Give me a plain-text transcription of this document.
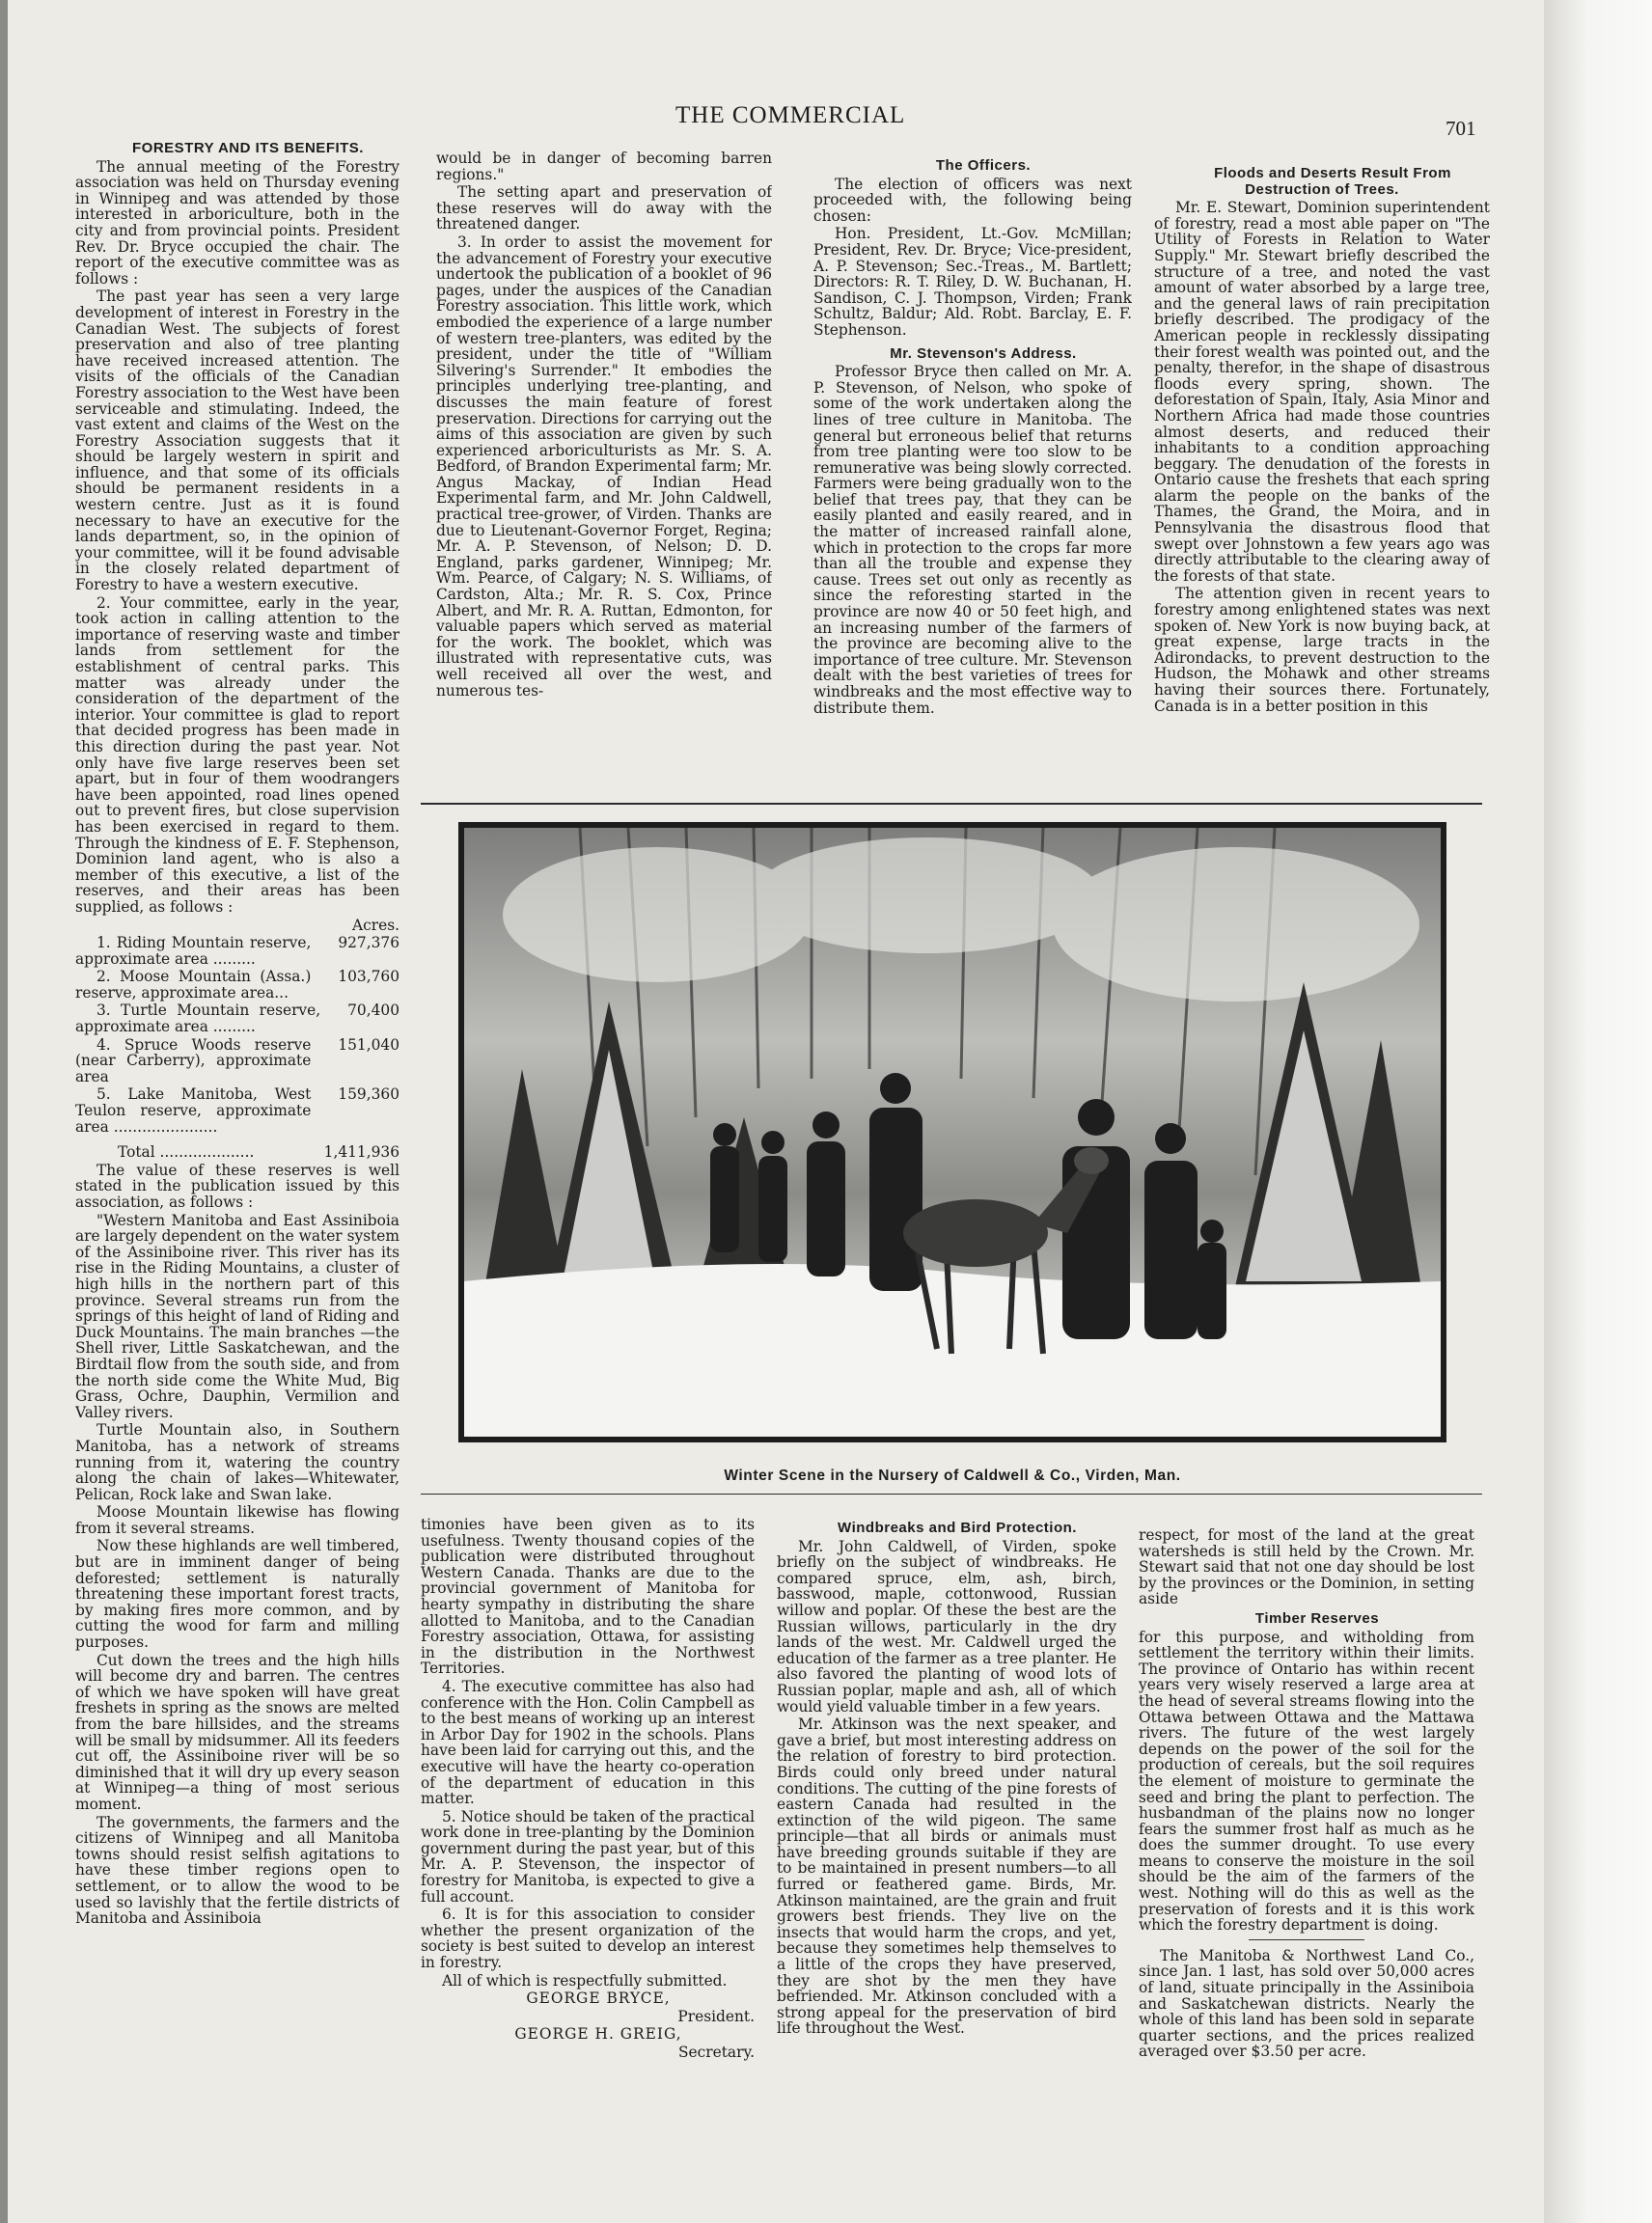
THE COMMERCIAL	701

FORESTRY AND ITS BENEFITS.

The annual meeting of the Forestry association was held on Thursday evening in Winnipeg and was attended by those interested in arboriculture, both in the city and from provincial points. President Rev. Dr. Bryce occupied the chair. The report of the executive committee was as follows :

The past year has seen a very large development of interest in Forestry in the Canadian West. The subjects of forest preservation and also of tree planting have received increased attention. The visits of the officials of the Canadian Forestry association to the West have been serviceable and stimulating. Indeed, the vast extent and claims of the West on the Forestry Association suggests that it should be largely western in spirit and influence, and that some of its officials should be permanent residents in a western centre. Just as it is found necessary to have an executive for the lands department, so, in the opinion of your committee, will it be found advisable in the closely related department of Forestry to have a western executive.

2. Your committee, early in the year, took action in calling attention to the importance of reserving waste and timber lands from settlement for the establishment of central parks. This matter was already under the consideration of the department of the interior. Your committee is glad to report that decided progress has been made in this direction during the past year. Not only have five large reserves been set apart, but in four of them woodrangers have been appointed, road lines opened out to prevent fires, but close supervision has been exercised in regard to them. Through the kindness of E. F. Stephenson, Dominion land agent, who is also a member of this executive, a list of the reserves, and their areas has been supplied, as follows :

Acres.

1. Riding Mountain reserve, approximate area .........
927,376

2. Moose Mountain (Assa.) reserve, approximate area...
103,760

3. Turtle Mountain reserve, approximate area .........
70,400

4. Spruce Woods reserve (near Carberry), approximate area
151,040

5. Lake Manitoba, West Teulon reserve, approximate area ......................
159,360

Total ....................	1,411,936

The value of these reserves is well stated in the publication issued by this association, as follows :

"Western Manitoba and East Assiniboia are largely dependent on the water system of the Assiniboine river. This river has its rise in the Riding Mountains, a cluster of high hills in the northern part of this province. Several streams run from the springs of this height of land of Riding and Duck Mountains. The main branches —the Shell river, Little Saskatchewan, and the Birdtail flow from the south side, and from the north side come the White Mud, Big Grass, Ochre, Dauphin, Vermilion and Valley rivers.

Turtle Mountain also, in Southern Manitoba, has a network of streams running from it, watering the country along the chain of lakes—Whitewater, Pelican, Rock lake and Swan lake.

Moose Mountain likewise has flowing from it several streams.

Now these highlands are well timbered, but are in imminent danger of being deforested; settlement is naturally threatening these important forest tracts, by making fires more common, and by cutting the wood for farm and milling purposes.

Cut down the trees and the high hills will become dry and barren. The centres of which we have spoken will have great freshets in spring as the snows are melted from the bare hillsides, and the streams will be small by midsummer. All its feeders cut off, the Assiniboine river will be so diminished that it will dry up every season at Winnipeg—a thing of most serious moment.

The governments, the farmers and the citizens of Winnipeg and all Manitoba towns should resist selfish agitations to have these timber regions open to settlement, or to allow the wood to be used so lavishly that the fertile districts of Manitoba and Assiniboia

would be in danger of becoming barren regions."

The setting apart and preservation of these reserves will do away with the threatened danger.

3. In order to assist the movement for the advancement of Forestry your executive undertook the publication of a booklet of 96 pages, under the auspices of the Canadian Forestry association. This little work, which embodied the experience of a large number of western tree-planters, was edited by the president, under the title of "William Silvering's Surrender." It embodies the principles underlying tree-planting, and discusses the main feature of forest preservation. Directions for carrying out the aims of this association are given by such experienced arboriculturists as Mr. S. A. Bedford, of Brandon Experimental farm; Mr. Angus Mackay, of Indian Head Experimental farm, and Mr. John Caldwell, practical tree-grower, of Virden. Thanks are due to Lieutenant-Governor Forget, Regina; Mr. A. P. Stevenson, of Nelson; D. D. England, parks gardener, Winnipeg; Mr. Wm. Pearce, of Calgary; N. S. Williams, of Cardston, Alta.; Mr. R. S. Cox, Prince Albert, and Mr. R. A. Ruttan, Edmonton, for valuable papers which served as material for the work. The booklet, which was illustrated with representative cuts, was well received all over the west, and numerous tes-

The Officers.

The election of officers was next proceeded with, the following being chosen:

Hon. President, Lt.-Gov. McMillan; President, Rev. Dr. Bryce; Vice-president, A. P. Stevenson; Sec.-Treas., M. Bartlett; Directors: R. T. Riley, D. W. Buchanan, H. Sandison, C. J. Thompson, Virden; Frank Schultz, Baldur; Ald. Robt. Barclay, E. F. Stephenson.

Mr. Stevenson's Address.

Professor Bryce then called on Mr. A. P. Stevenson, of Nelson, who spoke of some of the work undertaken along the lines of tree culture in Manitoba. The general but erroneous belief that returns from tree planting were too slow to be remunerative was being slowly corrected. Farmers were being gradually won to the belief that trees pay, that they can be easily planted and easily reared, and in the matter of increased rainfall alone, which in protection to the crops far more than all the trouble and expense they cause. Trees set out only as recently as since the reforesting started in the province are now 40 or 50 feet high, and an increasing number of the farmers of the province are becoming alive to the importance of tree culture. Mr. Stevenson dealt with the best varieties of trees for windbreaks and the most effective way to distribute them.

Floods and Deserts Result From Destruction of Trees.

Mr. E. Stewart, Dominion superintendent of forestry, read a most able paper on "The Utility of Forests in Relation to Water Supply." Mr. Stewart briefly described the structure of a tree, and noted the vast amount of water absorbed by a large tree, and the general laws of rain precipitation briefly described. The prodigacy of the American people in recklessly dissipating their forest wealth was pointed out, and the penalty, therefor, in the shape of disastrous floods every spring, shown. The deforestation of Spain, Italy, Asia Minor and Northern Africa had made those countries almost deserts, and reduced their inhabitants to a condition approaching beggary. The denudation of the forests in Ontario cause the freshets that each spring alarm the people on the banks of the Thames, the Grand, the Moira, and in Pennsylvania the disastrous flood that swept over Johnstown a few years ago was directly attributable to the clearing away of the forests of that state.

The attention given in recent years to forestry among enlightened states was next spoken of. New York is now buying back, at great expense, large tracts in the Adirondacks, to prevent destruction to the Hudson, the Mohawk and other streams having their sources there. Fortunately, Canada is in a better position in this

Winter Scene in the Nursery of Caldwell & Co., Virden, Man.

timonies have been given as to its usefulness. Twenty thousand copies of the publication were distributed throughout Western Canada. Thanks are due to the provincial government of Manitoba for hearty sympathy in distributing the share allotted to Manitoba, and to the Canadian Forestry association, Ottawa, for assisting in the distribution in the Northwest Territories.

4. The executive committee has also had conference with the Hon. Colin Campbell as to the best means of working up an interest in Arbor Day for 1902 in the schools. Plans have been laid for carrying out this, and the executive will have the hearty co-operation of the department of education in this matter.

5. Notice should be taken of the practical work done in tree-planting by the Dominion government during the past year, but of this Mr. A. P. Stevenson, the inspector of forestry for Manitoba, is expected to give a full account.

6. It is for this association to consider whether the present organization of the society is best suited to develop an interest in forestry.

All of which is respectfully submitted.

GEORGE BRYCE,

President.

GEORGE H. GREIG,

Secretary.

Windbreaks and Bird Protection.

Mr. John Caldwell, of Virden, spoke briefly on the subject of windbreaks. He compared spruce, elm, ash, birch, basswood, maple, cottonwood, Russian willow and poplar. Of these the best are the Russian willows, particularly in the dry lands of the west. Mr. Caldwell urged the education of the farmer as a tree planter. He also favored the planting of wood lots of Russian poplar, maple and ash, all of which would yield valuable timber in a few years.

Mr. Atkinson was the next speaker, and gave a brief, but most interesting address on the relation of forestry to bird protection. Birds could only breed under natural conditions. The cutting of the pine forests of eastern Canada had resulted in the extinction of the wild pigeon. The same principle—that all birds or animals must have breeding grounds suitable if they are to be maintained in present numbers—to all furred or feathered game. Birds, Mr. Atkinson maintained, are the grain and fruit growers best friends. They live on the insects that would harm the crops, and yet, because they sometimes help themselves to a little of the crops they have preserved, they are shot by the men they have befriended. Mr. Atkinson concluded with a strong appeal for the preservation of bird life throughout the West.

respect, for most of the land at the great watersheds is still held by the Crown. Mr. Stewart said that not one day should be lost by the provinces or the Dominion, in setting aside

Timber Reserves

for this purpose, and witholding from settlement the territory within their limits. The province of Ontario has within recent years very wisely reserved a large area at the head of several streams flowing into the Ottawa between Ottawa and the Mattawa rivers. The future of the west largely depends on the power of the soil for the production of cereals, but the soil requires the element of moisture to germinate the seed and bring the plant to perfection. The husbandman of the plains now no longer fears the summer frost half as much as he does the summer drought. To use every means to conserve the moisture in the soil should be the aim of the farmers of the west. Nothing will do this as well as the preservation of forests and it is this work which the forestry department is doing.

The Manitoba & Northwest Land Co., since Jan. 1 last, has sold over 50,000 acres of land, situate principally in the Assiniboia and Saskatchewan districts. Nearly the whole of this land has been sold in separate quarter sections, and the prices realized averaged over $3.50 per acre.
